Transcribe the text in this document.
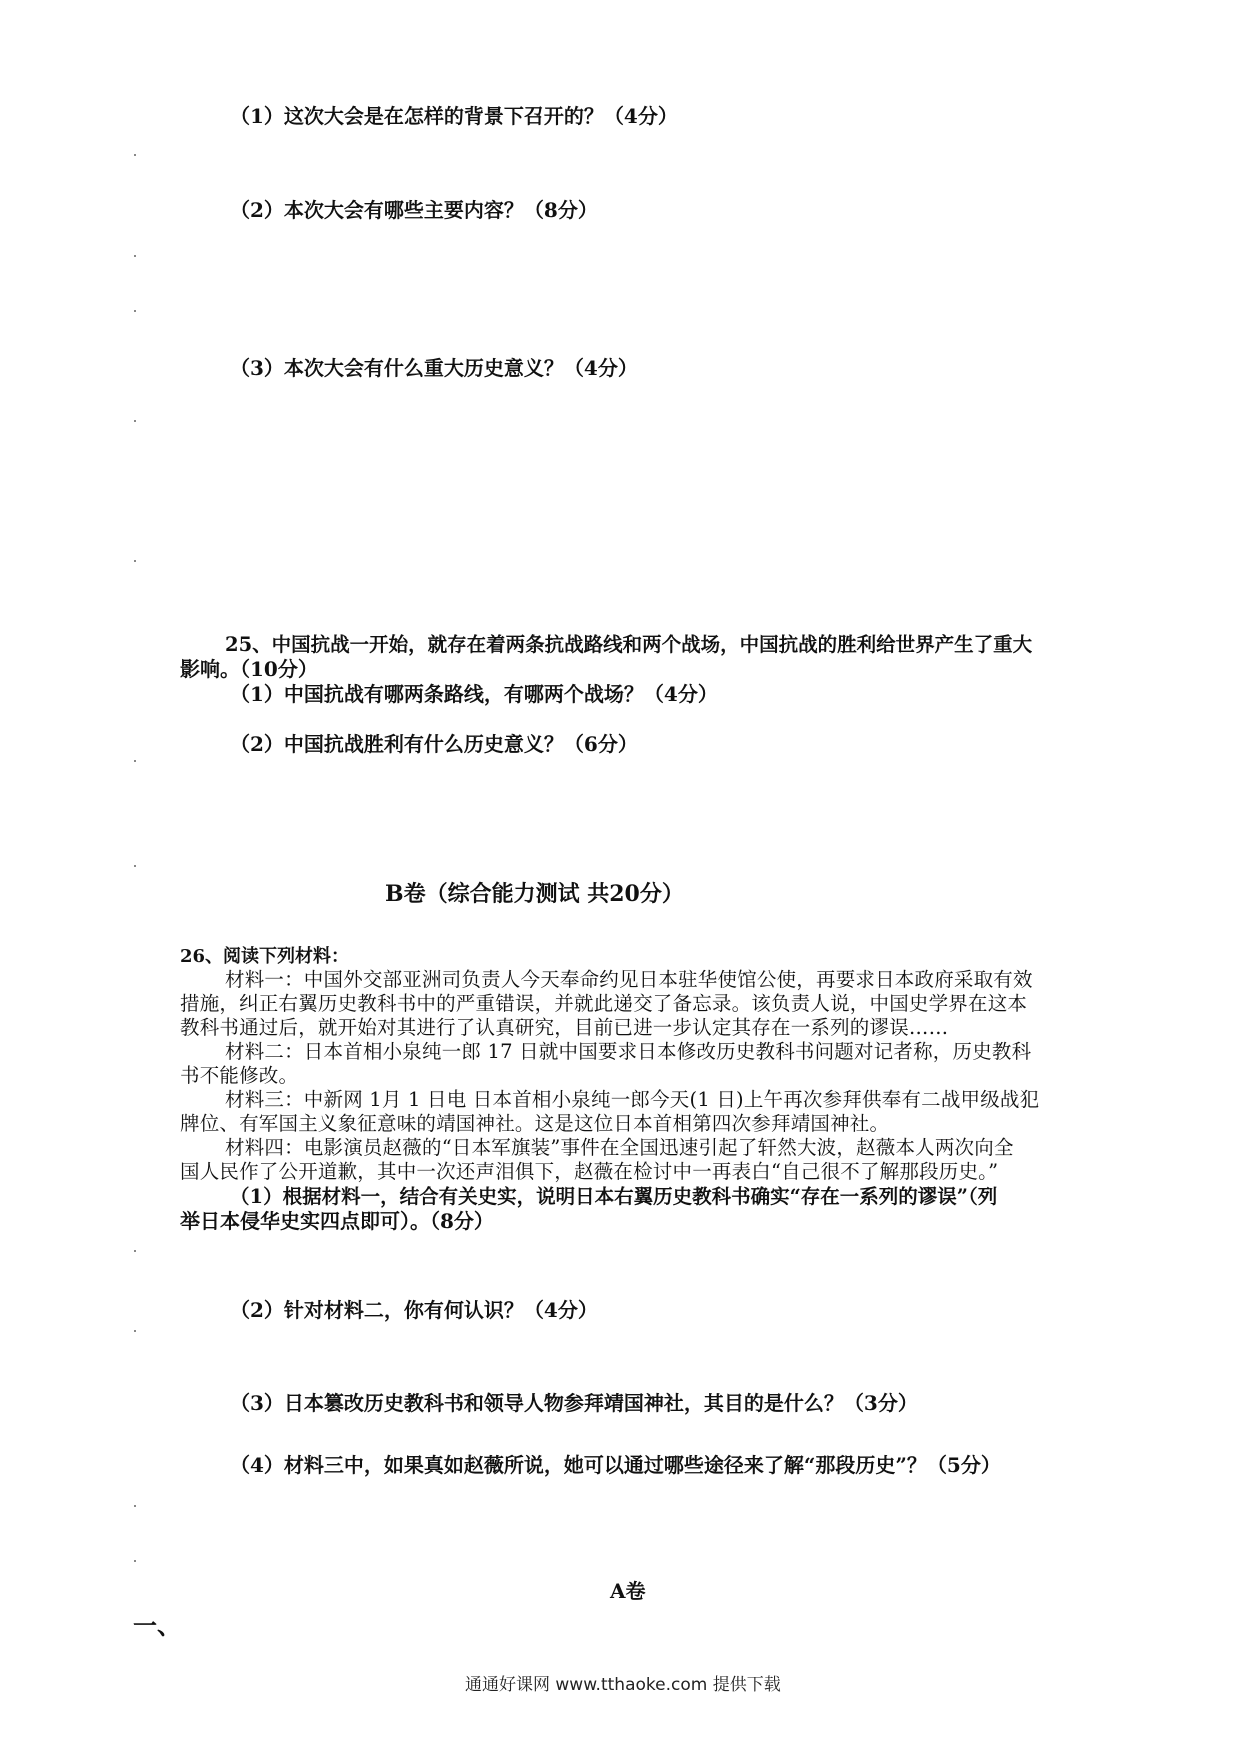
（1）这次大会是在怎样的背景下召开的？（4分）
（2）本次大会有哪些主要内容？（8分）
（3）本次大会有什么重大历史意义？（4分）
25、中国抗战一开始，就存在着两条抗战路线和两个战场，中国抗战的胜利给世界产生了重大
影响。（10分）
（1）中国抗战有哪两条路线，有哪两个战场？（4分）
（2）中国抗战胜利有什么历史意义？（6分）
B卷（综合能力测试 共20分）
26、阅读下列材料：
材料一：中国外交部亚洲司负责人今天奉命约见日本驻华使馆公使，再要求日本政府采取有效
措施，纠正右翼历史教科书中的严重错误，并就此递交了备忘录。该负责人说，中国史学界在这本
教科书通过后，就开始对其进行了认真研究，目前已进一步认定其存在一系列的谬误……
材料二：日本首相小泉纯一郎 17 日就中国要求日本修改历史教科书问题对记者称，历史教科
书不能修改。
材料三：中新网 1月 1 日电 日本首相小泉纯一郎今天(1 日)上午再次参拜供奉有二战甲级战犯
牌位、有军国主义象征意味的靖国神社。这是这位日本首相第四次参拜靖国神社。
材料四：电影演员赵薇的“日本军旗装”事件在全国迅速引起了轩然大波，赵薇本人两次向全
国人民作了公开道歉，其中一次还声泪俱下，赵薇在检讨中一再表白“自己很不了解那段历史。”
（1）根据材料一，结合有关史实，说明日本右翼历史教科书确实“存在一系列的谬误”（列
举日本侵华史实四点即可）。（8分）
（2）针对材料二，你有何认识？（4分）
（3）日本篡改历史教科书和领导人物参拜靖国神社，其目的是什么？（3分）
（4）材料三中，如果真如赵薇所说，她可以通过哪些途径来了解“那段历史”？（5分）
A卷
一、
通通好课网 www.tthaoke.com 提供下载
